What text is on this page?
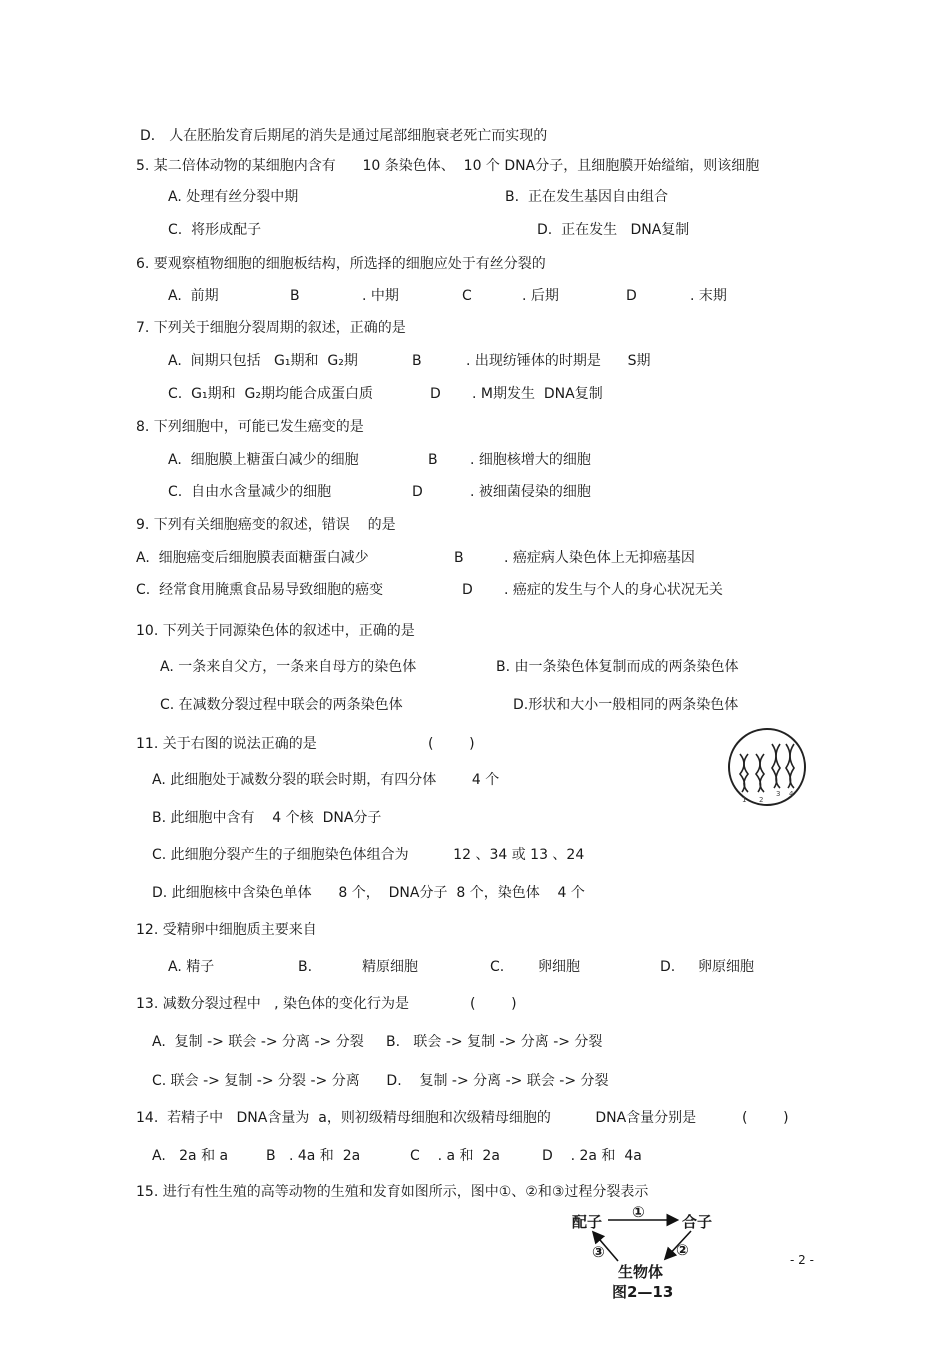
D． 人在胚胎发育后期尾的消失是通过尾部细胞衰老死亡而实现的
5. 某二倍体动物的某细胞内含有      10 条染色体、  10 个 DNA分子，且细胞膜开始缢缩，则该细胞
A. 处理有丝分裂中期	B.  正在发生基因自由组合
C.  将形成配子	D.  正在发生   DNA复制
6. 要观察植物细胞的细胞板结构，所选择的细胞应处于有丝分裂的
A.  前期	B	. 中期	C	. 后期	D	. 末期
7. 下列关于细胞分裂周期的叙述，正确的是
A.  间期只包括   G₁期和  G₂期	B	. 出现纺锤体的时期是      S期
C.  G₁期和  G₂期均能合成蛋白质	D . M期发生  DNA复制
8. 下列细胞中，可能已发生癌变的是
A.  细胞膜上糖蛋白减少的细胞	B . 细胞核增大的细胞
C.  自由水含量减少的细胞	D	. 被细菌侵染的细胞
9. 下列有关细胞癌变的叙述，错误    的是
A.  细胞癌变后细胞膜表面糖蛋白减少	B	. 癌症病人染色体上无抑癌基因
C.  经常食用腌熏食品易导致细胞的癌变	D . 癌症的发生与个人的身心状况无关
10. 下列关于同源染色体的叙述中，正确的是
A. 一条来自父方，一条来自母方的染色体	B. 由一条染色体复制而成的两条染色体
C. 在减数分裂过程中联会的两条染色体	D.形状和大小一般相同的两条染色体
11. 关于右图的说法正确的是	(        )
A. 此细胞处于减数分裂的联会时期，有四分体        4 个
B. 此细胞中含有    4 个核  DNA分子
C. 此细胞分裂产生的子细胞染色体组合为          12 、34 或 13 、24
D. 此细胞核中含染色单体      8 个，  DNA分子  8 个，染色体    4 个
12. 受精卵中细胞质主要来自
A. 精子	B.	精原细胞	C. 卵细胞	D. 卵原细胞
13. 减数分裂过程中   , 染色体的变化行为是	(        )
A.  复制 -> 联会 -> 分离 -> 分裂     B.   联会 -> 复制 -> 分离 -> 分裂
C. 联会 -> 复制 -> 分裂 -> 分离      D.    复制 -> 分离 -> 联会 -> 分裂
14.  若精子中   DNA含量为  a，则初级精母细胞和次级精母细胞的          DNA含量分别是	(        )
A.   2a 和 a	B   . 4a 和  2a	C    . a 和  2a	D    . 2a 和  4a
15. 进行有性生殖的高等动物的生殖和发育如图所示，图中①、②和③过程分裂表示
1 2
3 4
配子	合子
①
②
③
生物体
图2—13
- 2 -
